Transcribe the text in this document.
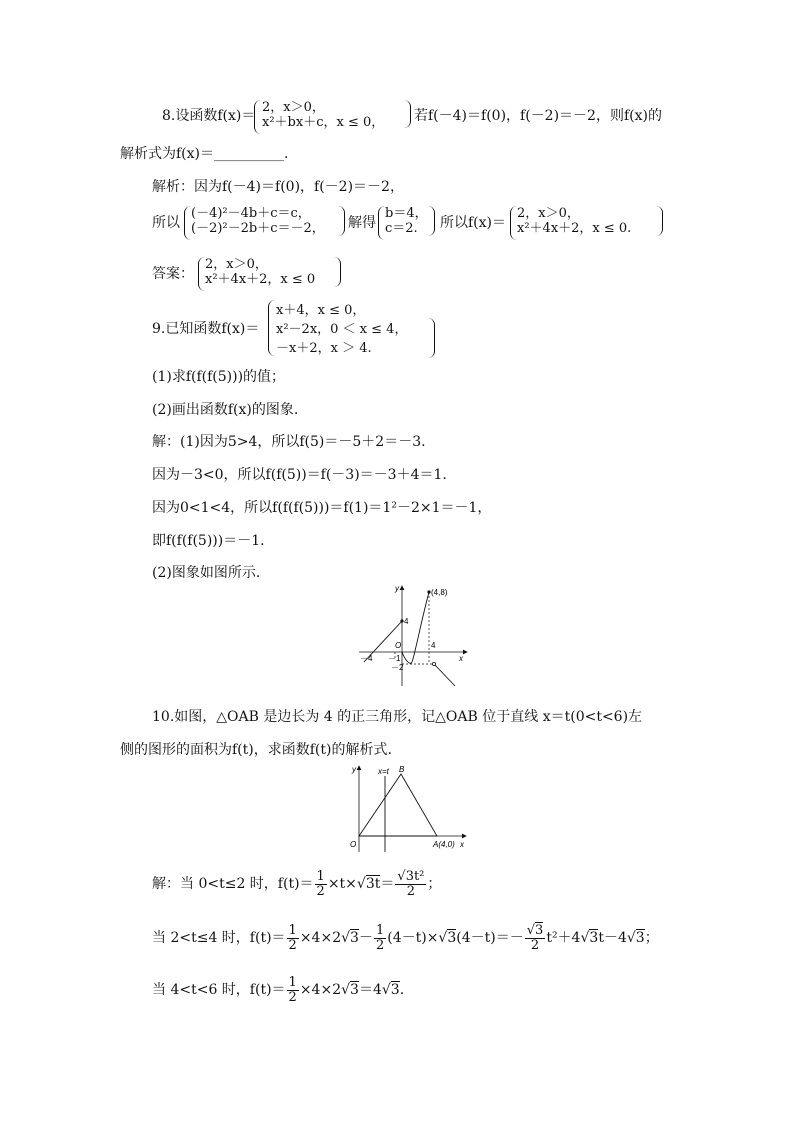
8.设函数f(x)＝
2，x＞0，
x²＋bx＋c，x ≤ 0， 若f(－4)＝f(0)，f(－2)＝－2，则f(x)的
解析式为f(x)＝__________.
解析：因为f(－4)＝f(0)，f(－2)＝－2，
所以
(－4)²－4b＋c＝c，
(－2)²－2b＋c＝－2， 解得
b＝4，
c＝2.	所以f(x)＝
2，x＞0，
x²＋4x＋2，x ≤ 0.
答案：
2，x＞0，
x²＋4x＋2，x ≤ 0
9.已知函数f(x)＝
x＋4，x ≤ 0，
x²－2x，0 ＜ x ≤ 4，
－x＋2，x ＞ 4.
(1)求f(f(f(5)))的值；
(2)画出函数f(x)的图象.
解：(1)因为5>4，所以f(5)＝－5＋2＝－3.
因为－3<0，所以f(f(5))＝f(－3)＝－3＋4＝1.
因为0<1<4，所以f(f(f(5)))＝f(1)＝1²－2×1＝－1，
即f(f(f(5)))＝－1.
(2)图象如图所示.
y	(4,8)
4
O
－4 －1
4
－2
x
10.如图，△OAB 是边长为 4 的正三角形，记△OAB 位于直线 x＝t(0<t<6)左
侧的图形的面积为f(t)，求函数f(t)的解析式.
y	x=t B
O	A(4,0) x
解：当 0<t≤2 时，$f(t)= \frac{1}{2} \times t\times√3t= \frac{\text{√3t²}}{2}$ ；
当 2<t≤4 时，$f(t)= \frac{1}{2} \times 4\times 2√3- \frac{1}{2} (4-t)\times√3(4-t)=- \frac{√3}{2} t^2+4√3t-4√3$；
当 4<t<6 时，$f(t)= \frac{1}{2} \times 4\times 2√3=4√3$.
